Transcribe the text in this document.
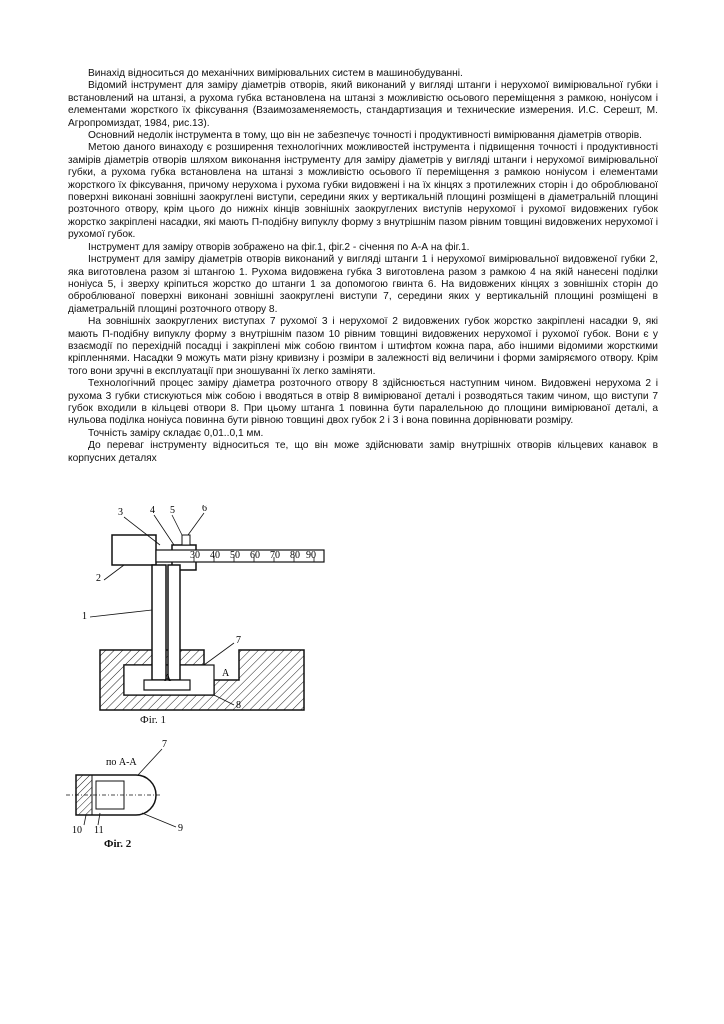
Винахід відноситься до механічних вимірювальних систем в машинобудуванні.

Відомий інструмент для заміру діаметрів отворів, який виконаний у вигляді штанги і нерухомої вимірювальної губки і встановлений на штанзі, а рухома губка встановлена на штанзі з можливістю осьового переміщення з рамкою, ноніусом і елементами жорсткого їх фіксування (Взаимозаменяемость, стандартизация и технические измерения. И.С. Серешт, М. Агропромиздат, 1984, рис.13).

Основний недолік інструмента в тому, що він не забезпечує точності і продуктивності вимірювання діаметрів отворів.

Метою даного винаходу є розширення технологічних можливостей інструмента і підвищення точності і продуктивності замірів діаметрів отворів шляхом виконання інструменту для заміру діаметрів у вигляді штанги і нерухомої вимірювальної губки, а рухома губка встановлена на штанзі з можливістю осьового її переміщення з рамкою ноніусом і елементами жорсткого їх фіксування, причому нерухома і рухома губки видовжені і на їх кінцях з протилежних сторін і до оброблюваної поверхні виконані зовнішні заокруглені виступи, середини яких у вертикальній площині розміщені в діаметральній площині розточного отвору, крім цього до нижніх кінців зовнішніх заокруглених виступів нерухомої і рухомої видовжених губок жорстко закріплені насадки, які мають П-подібну випуклу форму з внутрішнім пазом рівним товщині видовжених нерухомої і рухомої губок.

Інструмент для заміру отворів зображено на фіг.1, фіг.2 - січення по А-А на фіг.1.

Інструмент для заміру діаметрів отворів виконаний у вигляді штанги 1 і нерухомої вимірювальної видовженої губки 2, яка виготовлена разом зі штангою 1. Рухома видовжена губка 3 виготовлена разом з рамкою 4 на якій нанесені поділки ноніуса 5, і зверху кріпиться жорстко до штанги 1 за допомогою гвинта 6. На видовжених кінцях з зовнішніх сторін до оброблюваної поверхні виконані зовнішні заокруглені виступи 7, середини яких у вертикальній площині розміщені в діаметральній площині розточного отвору 8.

На зовнішніх заокруглених виступах 7 рухомої 3 і нерухомої 2 видовжених губок жорстко закріплені насадки 9, які мають П-подібну випуклу форму з внутрішнім пазом 10 рівним товщині видовжених нерухомої і рухомої губок. Вони є у взаємодії по перехідній посадці і закріплені між собою гвинтом і штифтом кожна пара, або іншими відомими жорсткими кріпленнями. Насадки 9 можуть мати різну кривизну і розміри в залежності від величини і форми заміряємого отвору. Крім того вони зручні в експлуатації при зношуванні їх легко заміняти.

Технологічний процес заміру діаметра розточного отвору 8 здійснюється наступним чином. Видовжені нерухома 2 і рухома 3 губки стискуються між собою і вводяться в отвір 8 вимірюваної деталі і розводяться таким чином, що виступи 7 губок входили в кільцеві отвори 8. При цьому штанга 1 повинна бути паралельною до площини вимірюваної деталі, а нульова поділка ноніуса повинна бути рівною товщині двох губок 2 і 3 і вона повинна дорівнювати розміру.

Точність заміру складає 0,01..0,1 мм.

До переваг інструменту відноситься те, що він може здійснювати замір внутрішніх отворів кільцевих канавок в корпусних деталях

3	4 5	6
2
1
7
8
30 40 50 60 70 80 90
A	A
Фіг. 1
по А-А
7
9
10 11
Фіг. 2
